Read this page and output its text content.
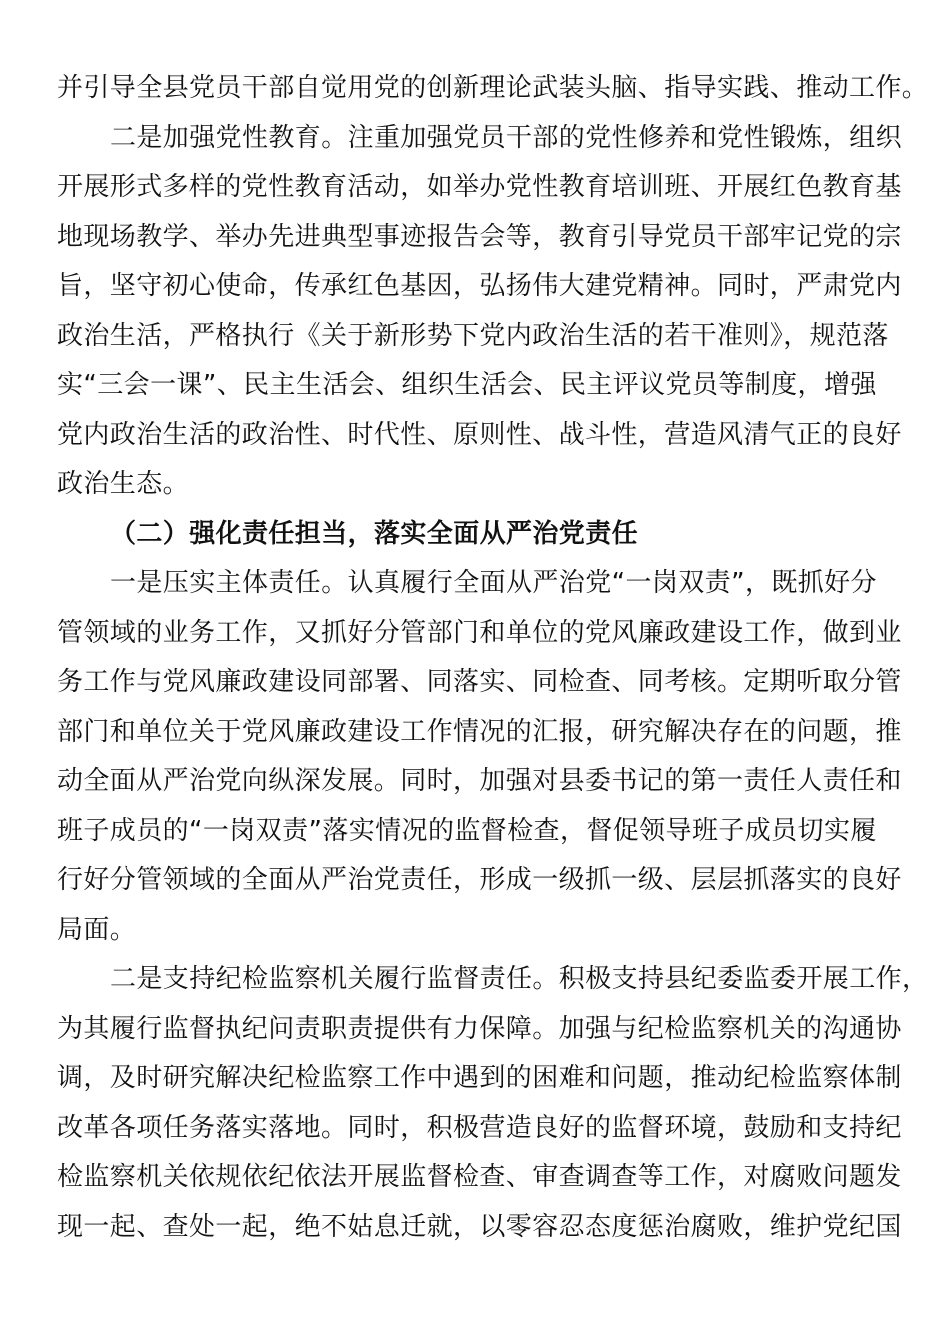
并引导全县党员干部自觉用党的创新理论武装头脑、指导实践、推动工作。

二是加强党性教育。注重加强党员干部的党性修养和党性锻炼，组织
开展形式多样的党性教育活动，如举办党性教育培训班、开展红色教育基
地现场教学、举办先进典型事迹报告会等，教育引导党员干部牢记党的宗
旨，坚守初心使命，传承红色基因，弘扬伟大建党精神。同时，严肃党内
政治生活，严格执行《关于新形势下党内政治生活的若干准则》，规范落
实“三会一课”、民主生活会、组织生活会、民主评议党员等制度，增强
党内政治生活的政治性、时代性、原则性、战斗性，营造风清气正的良好
政治生态。

（二）强化责任担当，落实全面从严治党责任

一是压实主体责任。认真履行全面从严治党“一岗双责”，既抓好分
管领域的业务工作，又抓好分管部门和单位的党风廉政建设工作，做到业
务工作与党风廉政建设同部署、同落实、同检查、同考核。定期听取分管
部门和单位关于党风廉政建设工作情况的汇报，研究解决存在的问题，推
动全面从严治党向纵深发展。同时，加强对县委书记的第一责任人责任和
班子成员的“一岗双责”落实情况的监督检查，督促领导班子成员切实履
行好分管领域的全面从严治党责任，形成一级抓一级、层层抓落实的良好
局面。

二是支持纪检监察机关履行监督责任。积极支持县纪委监委开展工作，
为其履行监督执纪问责职责提供有力保障。加强与纪检监察机关的沟通协
调，及时研究解决纪检监察工作中遇到的困难和问题，推动纪检监察体制
改革各项任务落实落地。同时，积极营造良好的监督环境，鼓励和支持纪
检监察机关依规依纪依法开展监督检查、审查调查等工作，对腐败问题发
现一起、查处一起，绝不姑息迁就，以零容忍态度惩治腐败，维护党纪国
